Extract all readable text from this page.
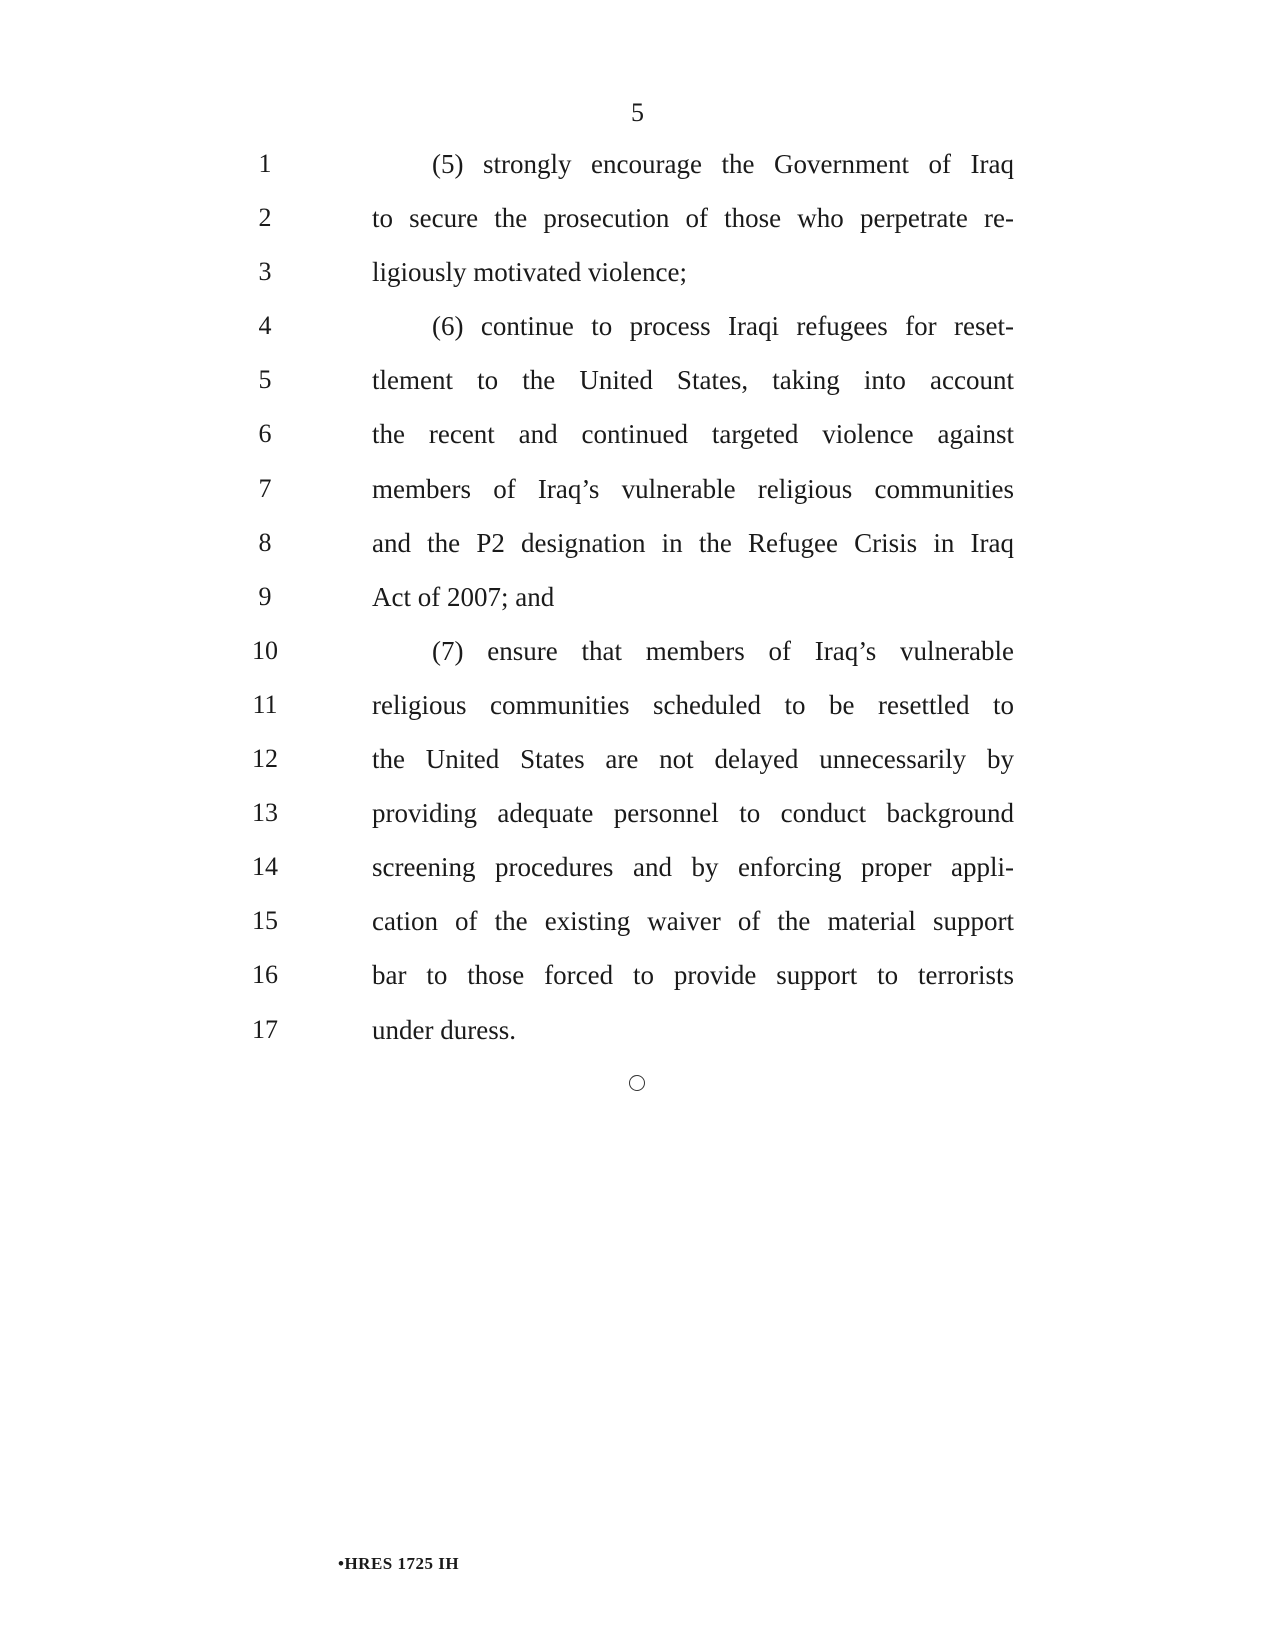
5
1	(5) strongly encourage the Government of Iraq
2	to secure the prosecution of those who perpetrate re-
3	ligiously motivated violence;
4	(6) continue to process Iraqi refugees for reset-
5	tlement to the United States, taking into account
6	the recent and continued targeted violence against
7	members of Iraq’s vulnerable religious communities
8	and the P2 designation in the Refugee Crisis in Iraq
9	Act of 2007; and
10	(7) ensure that members of Iraq’s vulnerable
11	religious communities scheduled to be resettled to
12	the United States are not delayed unnecessarily by
13	providing adequate personnel to conduct background
14	screening procedures and by enforcing proper appli-
15	cation of the existing waiver of the material support
16	bar to those forced to provide support to terrorists
17	under duress.
•HRES 1725 IH
